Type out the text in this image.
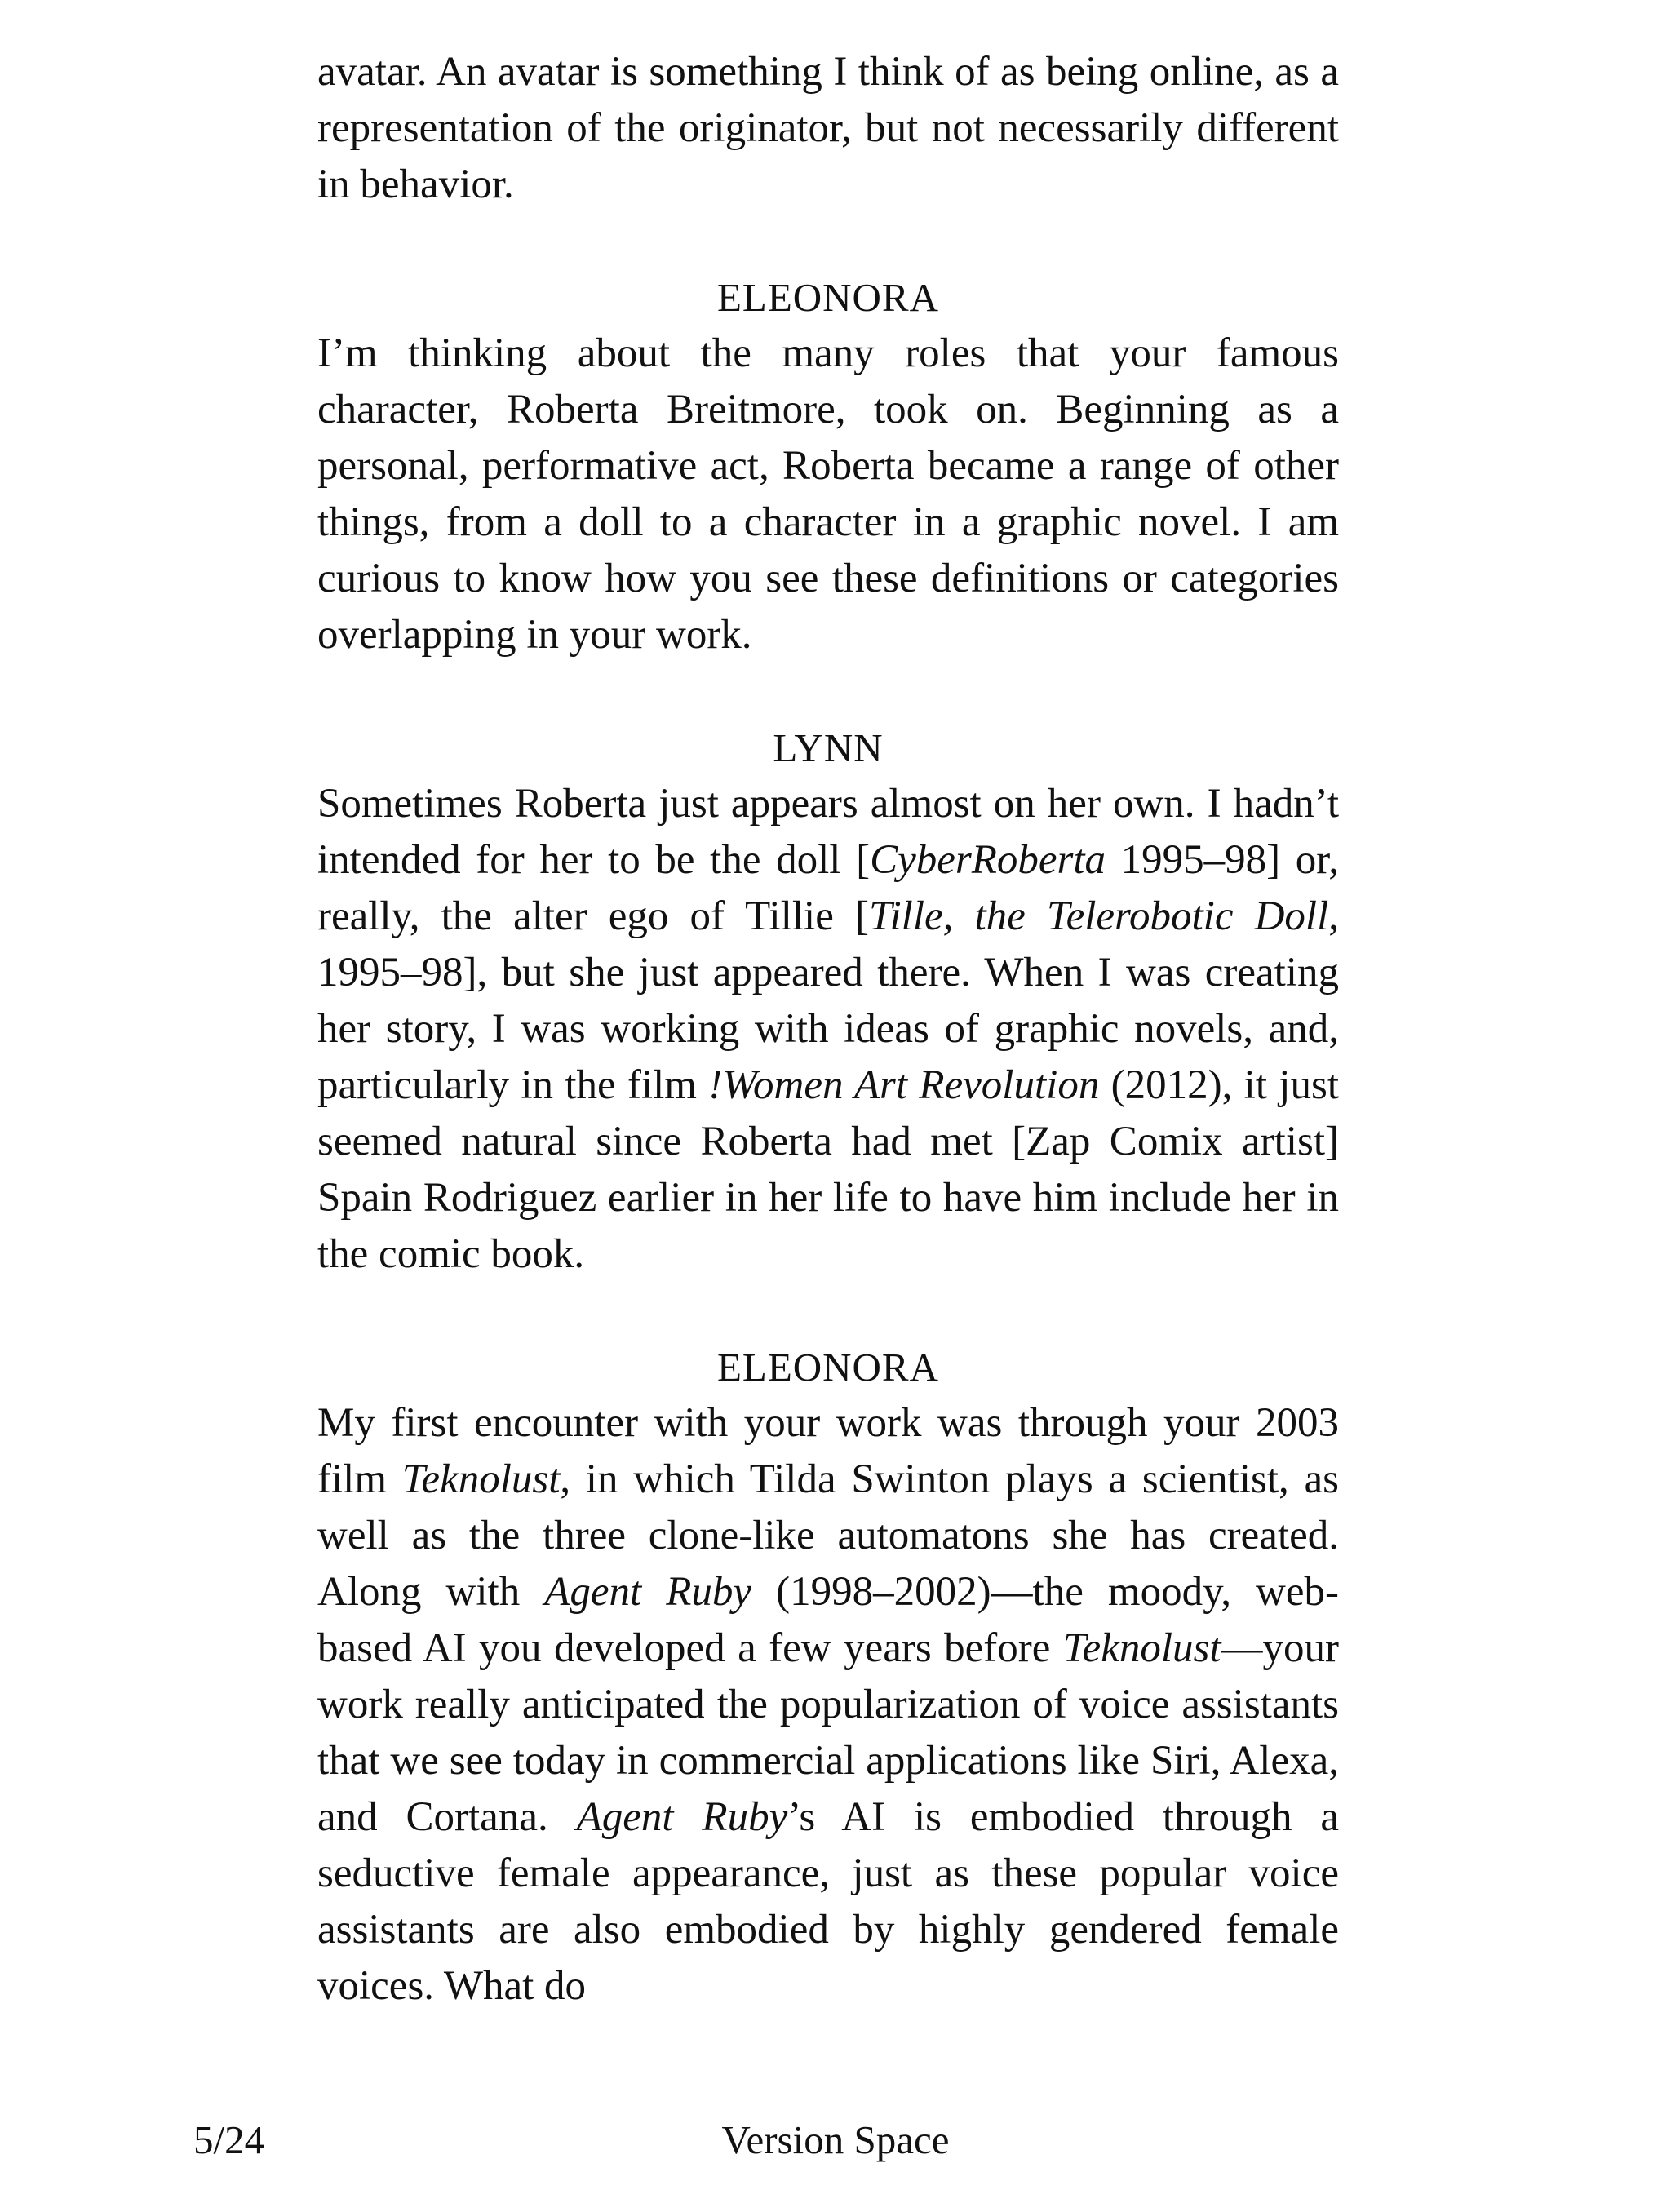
avatar. An avatar is something I think of as being online, as a representation of the originator, but not necessarily different in behavior.

ELEONORA

I’m thinking about the many roles that your famous character, Roberta Breitmore, took on. Beginning as a personal, performative act, Roberta became a range of other things, from a doll to a character in a graphic novel. I am curious to know how you see these definitions or categories overlapping in your work.

LYNN

Sometimes Roberta just appears almost on her own. I hadn’t intended for her to be the doll [CyberRoberta 1995–98] or, really, the alter ego of Tillie [Tille, the Telerobotic Doll, 1995–98], but she just appeared there. When I was creating her story, I was working with ideas of graphic novels, and, particularly in the film !Women Art Revolution (2012), it just seemed natural since Roberta had met [Zap Comix artist] Spain Rodriguez earlier in her life to have him include her in the comic book.

ELEONORA

My first encounter with your work was through your 2003 film Teknolust, in which Tilda Swinton plays a scientist, as well as the three clone-like automatons she has created. Along with Agent Ruby (1998–2002)—the moody, web-based AI you developed a few years before Teknolust—your work really anticipated the popularization of voice assistants that we see today in commercial applications like Siri, Alexa, and Cortana. Agent Ruby’s AI is embodied through a seductive female appearance, just as these popular voice assistants are also embodied by highly gendered female voices. What do

5/24	Version Space
